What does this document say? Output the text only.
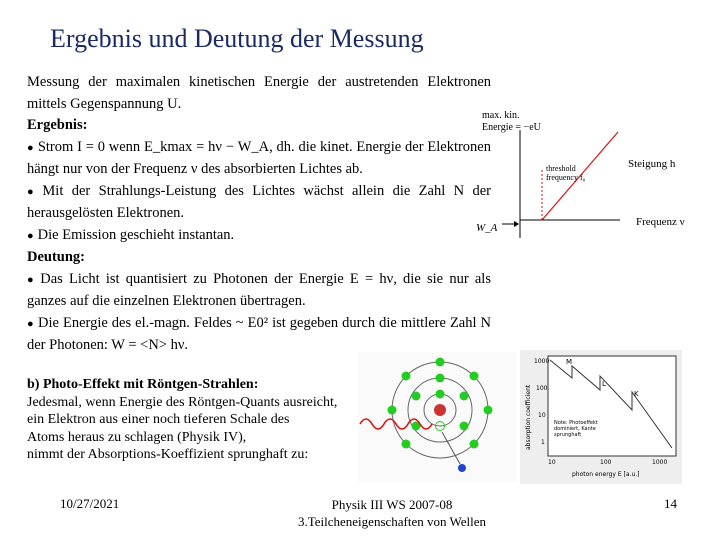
Ergebnis und Deutung der Messung

Messung der maximalen kinetischen Energie der austretenden Elektronen mittels Gegenspannung U.

Ergebnis:

● Strom I = 0 wenn E_kmax = hν − W_A, dh. die kinet. Energie der Elektronen hängt nur von der Frequenz ν des absorbierten Lichtes ab.

● Mit der Strahlungs-Leistung des Lichtes wächst allein die Zahl N der herausgelösten Elektronen.

● Die Emission geschieht instantan.

Deutung:

● Das Licht ist quantisiert zu Photonen der Energie E = hν, die sie nur als ganzes auf die einzelnen Elektronen übertragen.

● Die Energie des el.-magn. Feldes ~ E0² ist gegeben durch die mittlere Zahl N der Photonen: W = <N> hν.

max. kin.
Energie = −eU
threshold
frequency f₀
Steigung h
Frequenz ν
W_A

b) Photo-Effekt mit Röntgen-Strahlen:

Jedesmal, wenn Energie des Röntgen-Quants ausreicht,

ein Elektron aus einer noch tieferen Schale des

Atoms heraus zu schlagen (Physik IV),

nimmt der Absorptions-Koeffizient sprunghaft zu:

1000
100
10
1
10	100	1000
M
L
K
absorption coefficient
photon energy E [a.u.]
Note: Photoeffekt dominiert, Kante sprunghaft
10/27/2021	Physik III WS 2007-08
3.Teilcheneigenschaften von Wellen
14
